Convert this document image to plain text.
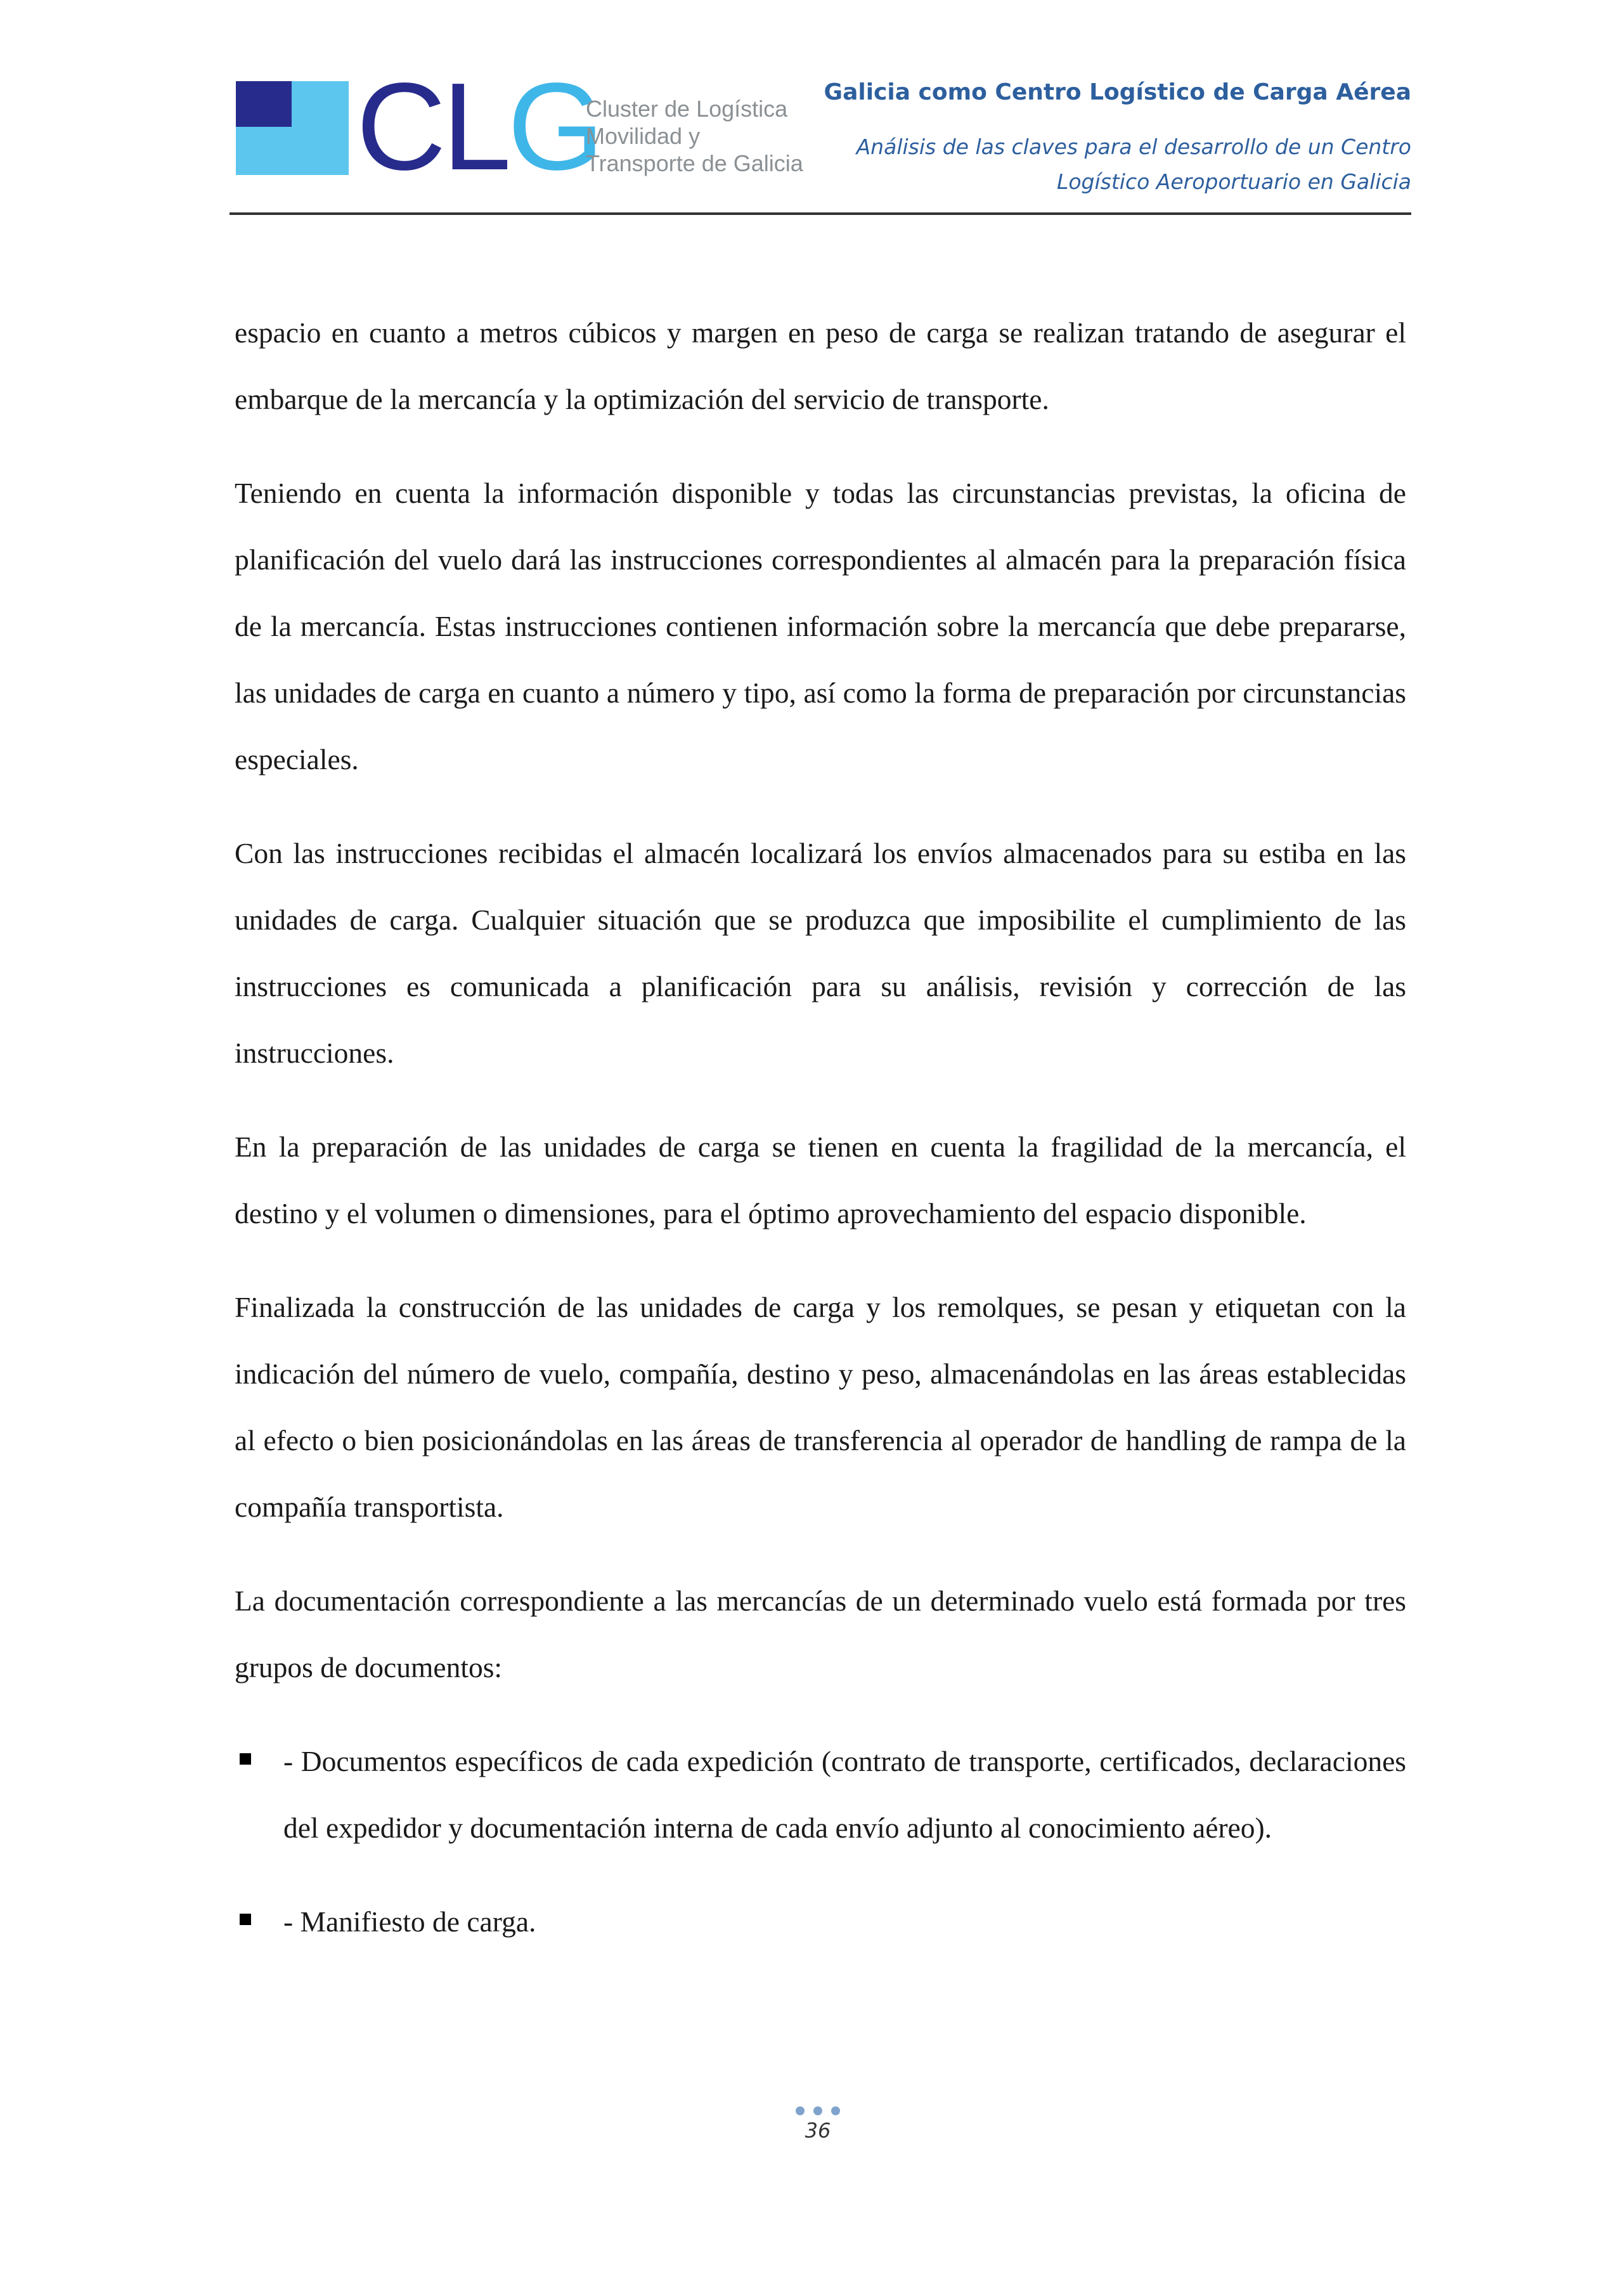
CLG
Cluster de Logística
Movilidad y
Transporte de Galicia
Galicia como Centro Logístico de Carga Aérea
Análisis de las claves para el desarrollo de un Centro
Logístico Aeroportuario en Galicia

espacio en cuanto a metros cúbicos y margen en peso de carga se realizan tratando de asegurar el embarque de la mercancía y la optimización del servicio de transporte.

Teniendo en cuenta la información disponible y todas las circunstancias previstas, la oficina de planificación del vuelo dará las instrucciones correspondientes al almacén para la preparación física de la mercancía. Estas instrucciones contienen información sobre la mercancía que debe prepararse, las unidades de carga en cuanto a número y tipo, así como la forma de preparación por circunstancias especiales.

Con las instrucciones recibidas el almacén localizará los envíos almacenados para su estiba en las unidades de carga. Cualquier situación que se produzca que imposibilite el cumplimiento de las instrucciones es comunicada a planificación para su análisis, revisión y corrección de las instrucciones.

En la preparación de las unidades de carga se tienen en cuenta la fragilidad de la mercancía, el destino y el volumen o dimensiones, para el óptimo aprovechamiento del espacio disponible.

Finalizada la construcción de las unidades de carga y los remolques, se pesan y etiquetan con la indicación del número de vuelo, compañía, destino y peso, almacenándolas en las áreas establecidas al efecto o bien posicionándolas en las áreas de transferencia al operador de handling de rampa de la compañía transportista.

La documentación correspondiente a las mercancías de un determinado vuelo está formada por tres grupos de documentos:

- Documentos específicos de cada expedición (contrato de transporte, certificados, declaraciones del expedidor y documentación interna de cada envío adjunto al conocimiento aéreo).
- Manifiesto de carga.
36
